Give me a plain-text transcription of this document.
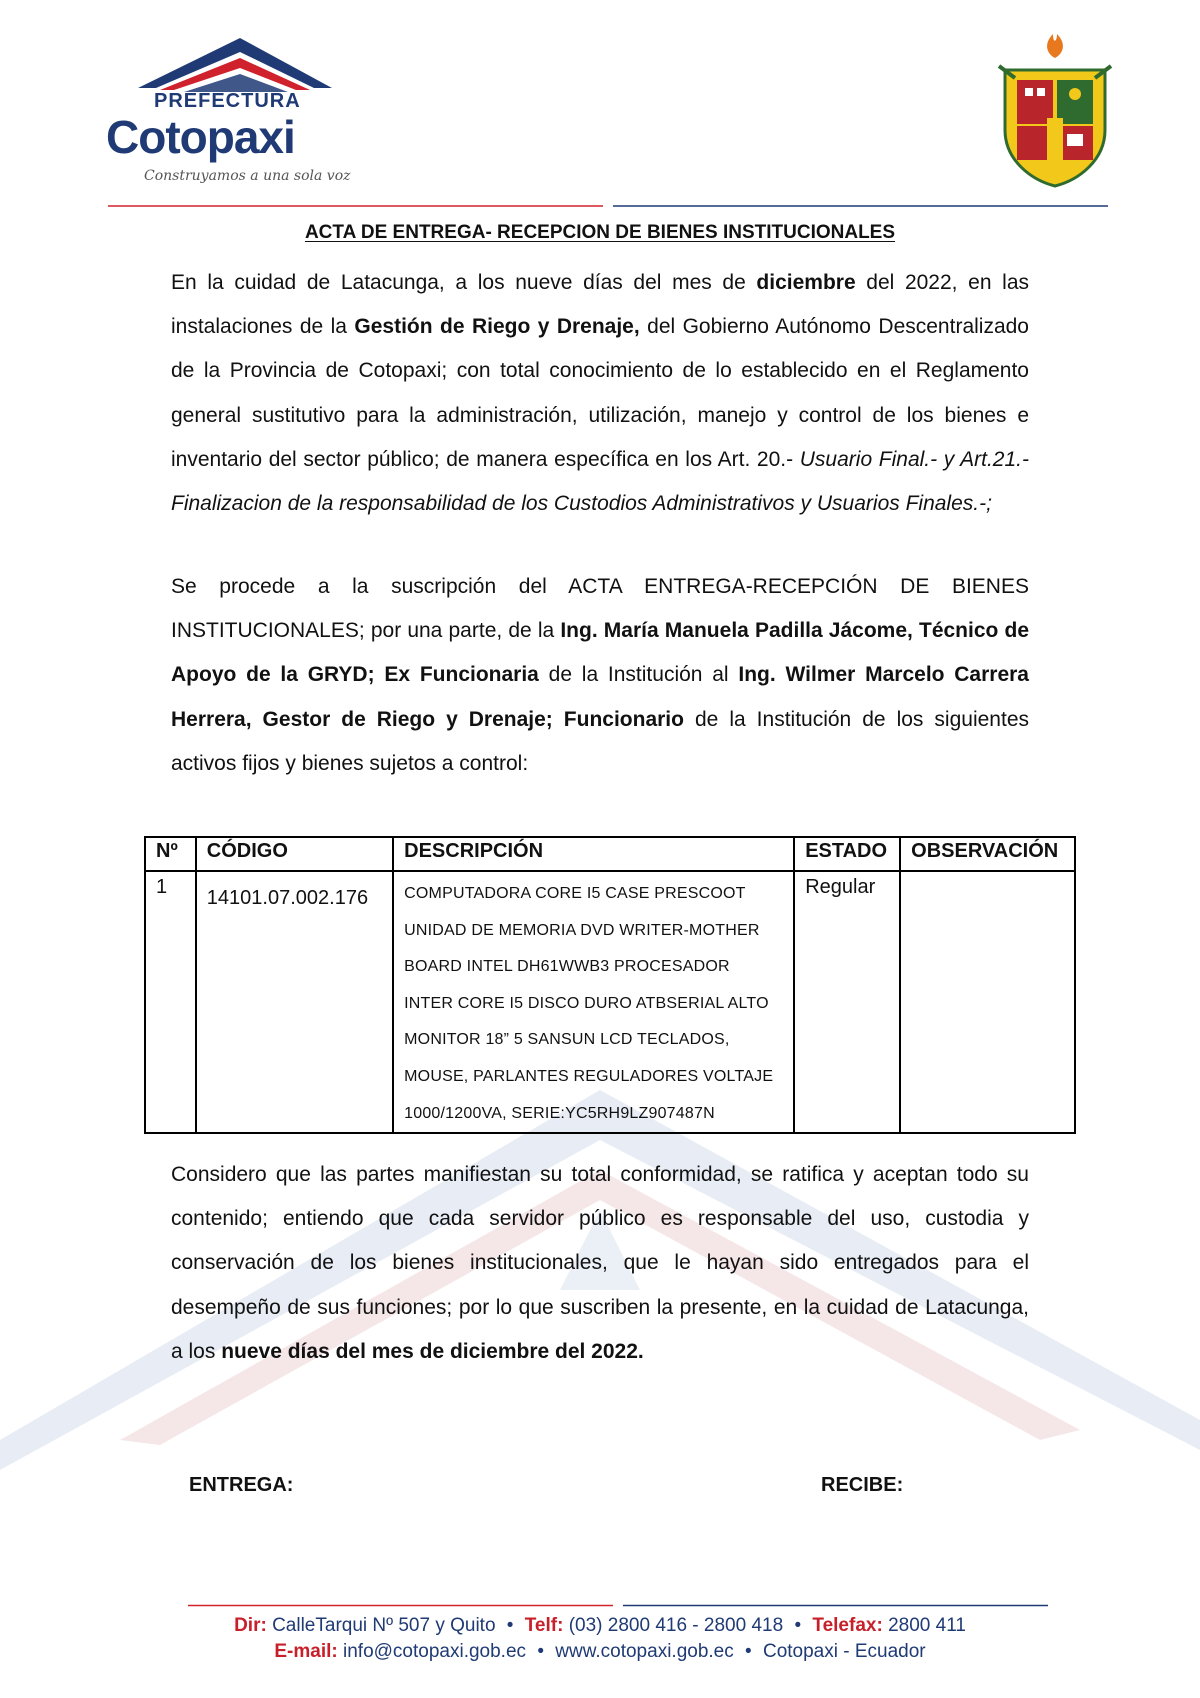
PREFECTURA
Cotopaxi
Construyamos a una sola voz
ACTA DE ENTREGA- RECEPCION DE BIENES INSTITUCIONALES
En la cuidad de Latacunga, a los nueve días del mes de diciembre del 2022, en las instalaciones de la Gestión de Riego y Drenaje, del Gobierno Autónomo Descentralizado de la Provincia de Cotopaxi; con total conocimiento de lo establecido en el Reglamento general sustitutivo para la administración, utilización, manejo y control de los bienes e inventario del sector público; de manera específica en los Art. 20.- Usuario Final.- y Art.21.-Finalizacion de la responsabilidad de los Custodios Administrativos y Usuarios Finales.-;
Se procede a la suscripción del ACTA ENTREGA-RECEPCIÓN DE BIENES INSTITUCIONALES; por una parte, de la Ing. María Manuela Padilla Jácome, Técnico de Apoyo de la GRYD; Ex Funcionaria de la Institución al Ing. Wilmer Marcelo Carrera Herrera, Gestor de Riego y Drenaje; Funcionario de la Institución de los siguientes activos fijos y bienes sujetos a control:
Nº	CÓDIGO	DESCRIPCIÓN	ESTADO	OBSERVACIÓN
1	14101.07.002.176	COMPUTADORA CORE I5 CASE PRESCOOT UNIDAD DE MEMORIA DVD WRITER-MOTHER BOARD INTEL DH61WWB3 PROCESADOR INTER CORE I5 DISCO DURO ATBSERIAL ALTO MONITOR 18” 5 SANSUN LCD TECLADOS, MOUSE, PARLANTES REGULADORES VOLTAJE 1000/1200VA, SERIE:YC5RH9LZ907487N	Regular	
Considero que las partes manifiestan su total conformidad, se ratifica y aceptan todo su contenido; entiendo que cada servidor público es responsable del uso, custodia y conservación de los bienes institucionales, que le hayan sido entregados para el desempeño de sus funciones; por lo que suscriben la presente, en la cuidad de Latacunga, a los nueve días del mes de diciembre del 2022.
ENTREGA:	RECIBE:
Dir: CalleTarqui Nº 507 y Quito • Telf: (03) 2800 416 - 2800 418 • Telefax: 2800 411
E-mail: info@cotopaxi.gob.ec • www.cotopaxi.gob.ec • Cotopaxi - Ecuador
